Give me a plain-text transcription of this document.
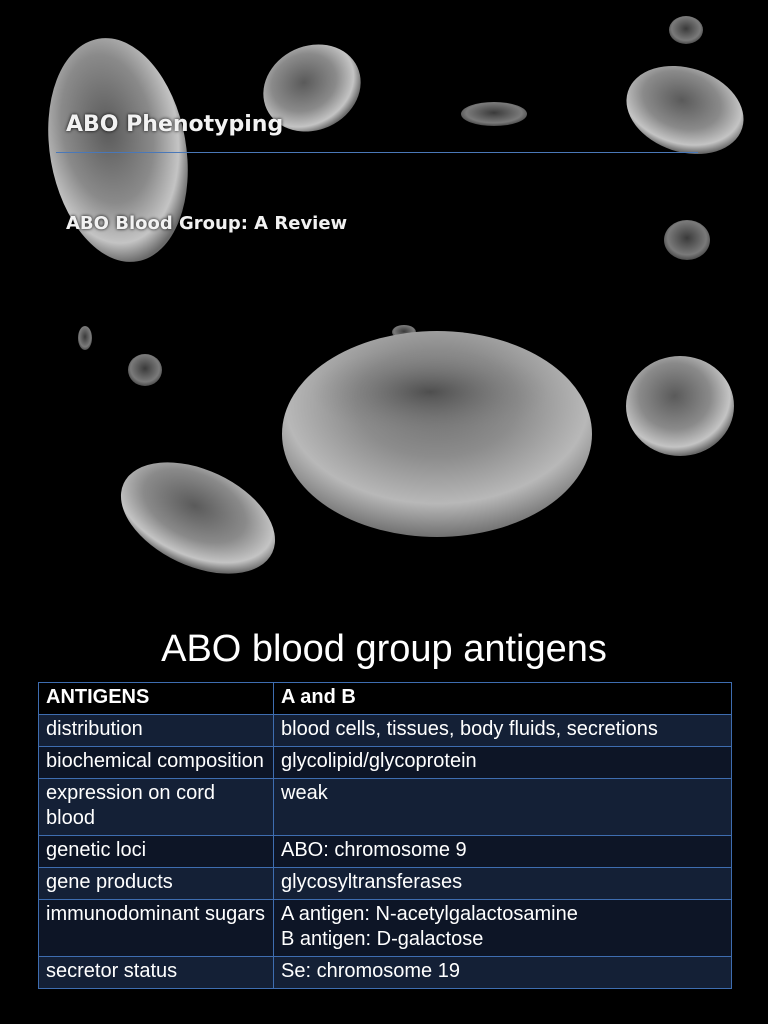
ABO Phenotyping
ABO Blood Group: A Review
ABO blood group antigens
ANTIGENS	A and B
distribution	blood cells, tissues, body fluids, secretions
biochemical composition	glycolipid/glycoprotein
expression on cord blood	weak
genetic loci	ABO: chromosome 9
gene products	glycosyltransferases
immunodominant sugars	A antigen: N-acetylgalactosamine
B antigen: D-galactose

secretor status	Se: chromosome 19
